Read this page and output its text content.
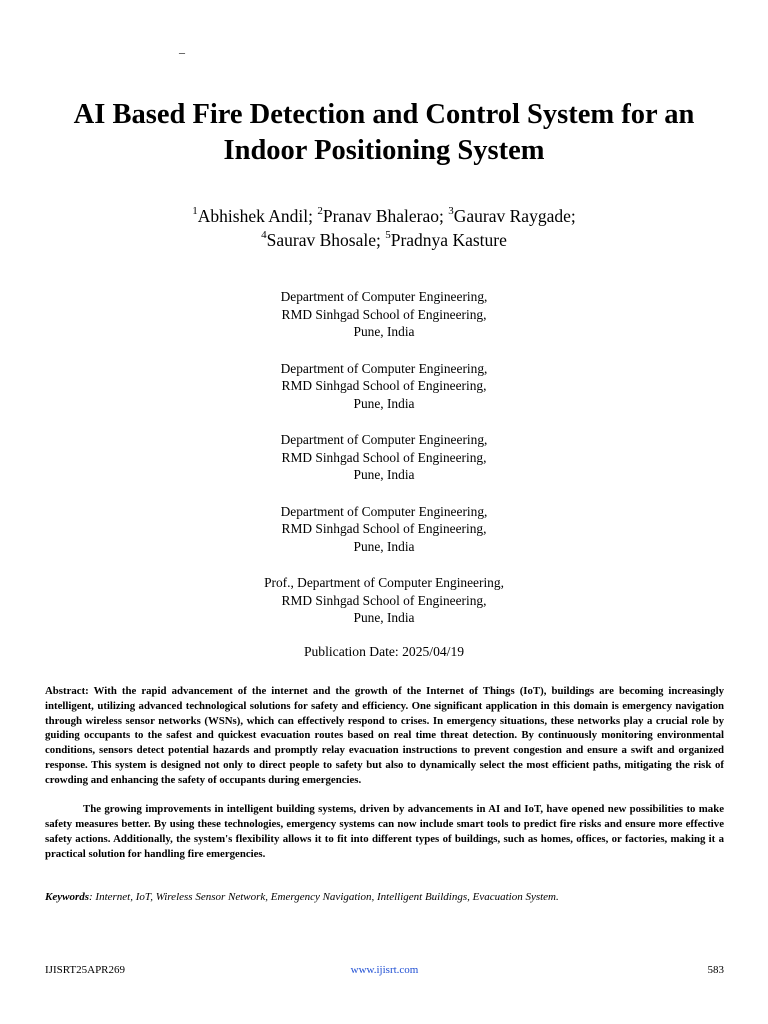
–
AI Based Fire Detection and Control System for an
Indoor Positioning System
$^1$Abhishek Andil; $^2$Pranav Bhalerao; $^3$Gaurav Raygade;
$^4$Saurav Bhosale; $^5$Pradnya Kasture
Department of Computer Engineering,
RMD Sinhgad School of Engineering,
Pune, India
Department of Computer Engineering,
RMD Sinhgad School of Engineering,
Pune, India
Department of Computer Engineering,
RMD Sinhgad School of Engineering,
Pune, India
Department of Computer Engineering,
RMD Sinhgad School of Engineering,
Pune, India
Prof., Department of Computer Engineering,
RMD Sinhgad School of Engineering,
Pune, India
Publication Date: 2025/04/19

Abstract: With the rapid advancement of the internet and the growth of the Internet of Things (IoT), buildings are becoming increasingly intelligent, utilizing advanced technological solutions for safety and efficiency. One significant application in this domain is emergency navigation through wireless sensor networks (WSNs), which can effectively respond to crises. In emergency situations, these networks play a crucial role by guiding occupants to the safest and quickest evacuation routes based on real time threat detection. By continuously monitoring environmental conditions, sensors detect potential hazards and promptly relay evacuation instructions to prevent congestion and ensure a swift and organized response. This system is designed not only to direct people to safety but also to dynamically select the most efficient paths, mitigating the risk of crowding and enhancing the safety of occupants during emergencies.

The growing improvements in intelligent building systems, driven by advancements in AI and IoT, have opened new possibilities to make safety measures better. By using these technologies, emergency systems can now include smart tools to predict fire risks and ensure more effective safety actions. Additionally, the system's flexibility allows it to fit into different types of buildings, such as homes, offices, or factories, making it a practical solution for handling fire emergencies.

Keywords: Internet, IoT, Wireless Sensor Network, Emergency Navigation, Intelligent Buildings, Evacuation System.
IJISRT25APR269	www.ijisrt.com	583
